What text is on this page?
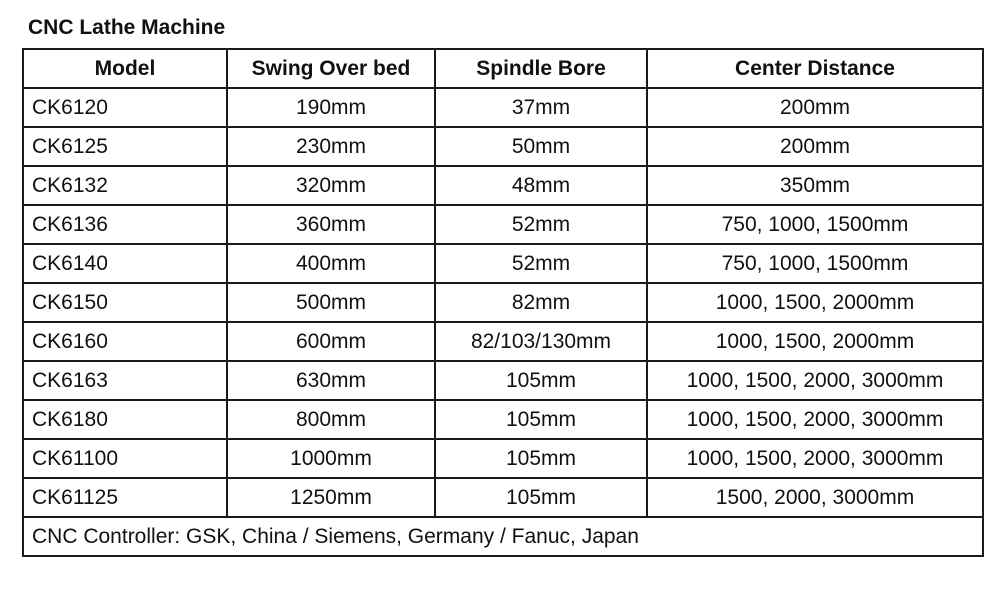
CNC Lathe Machine
Model	Swing Over bed	Spindle Bore	Center Distance
CK6120	190mm	37mm	200mm
CK6125	230mm	50mm	200mm
CK6132	320mm	48mm	350mm
CK6136	360mm	52mm	750, 1000, 1500mm
CK6140	400mm	52mm	750, 1000, 1500mm
CK6150	500mm	82mm	1000, 1500, 2000mm
CK6160	600mm	82/103/130mm	1000, 1500, 2000mm
CK6163	630mm	105mm	1000, 1500, 2000, 3000mm
CK6180	800mm	105mm	1000, 1500, 2000, 3000mm
CK61100	1000mm	105mm	1000, 1500, 2000, 3000mm
CK61125	1250mm	105mm	1500, 2000, 3000mm
CNC Controller: GSK, China / Siemens, Germany / Fanuc, Japan			
